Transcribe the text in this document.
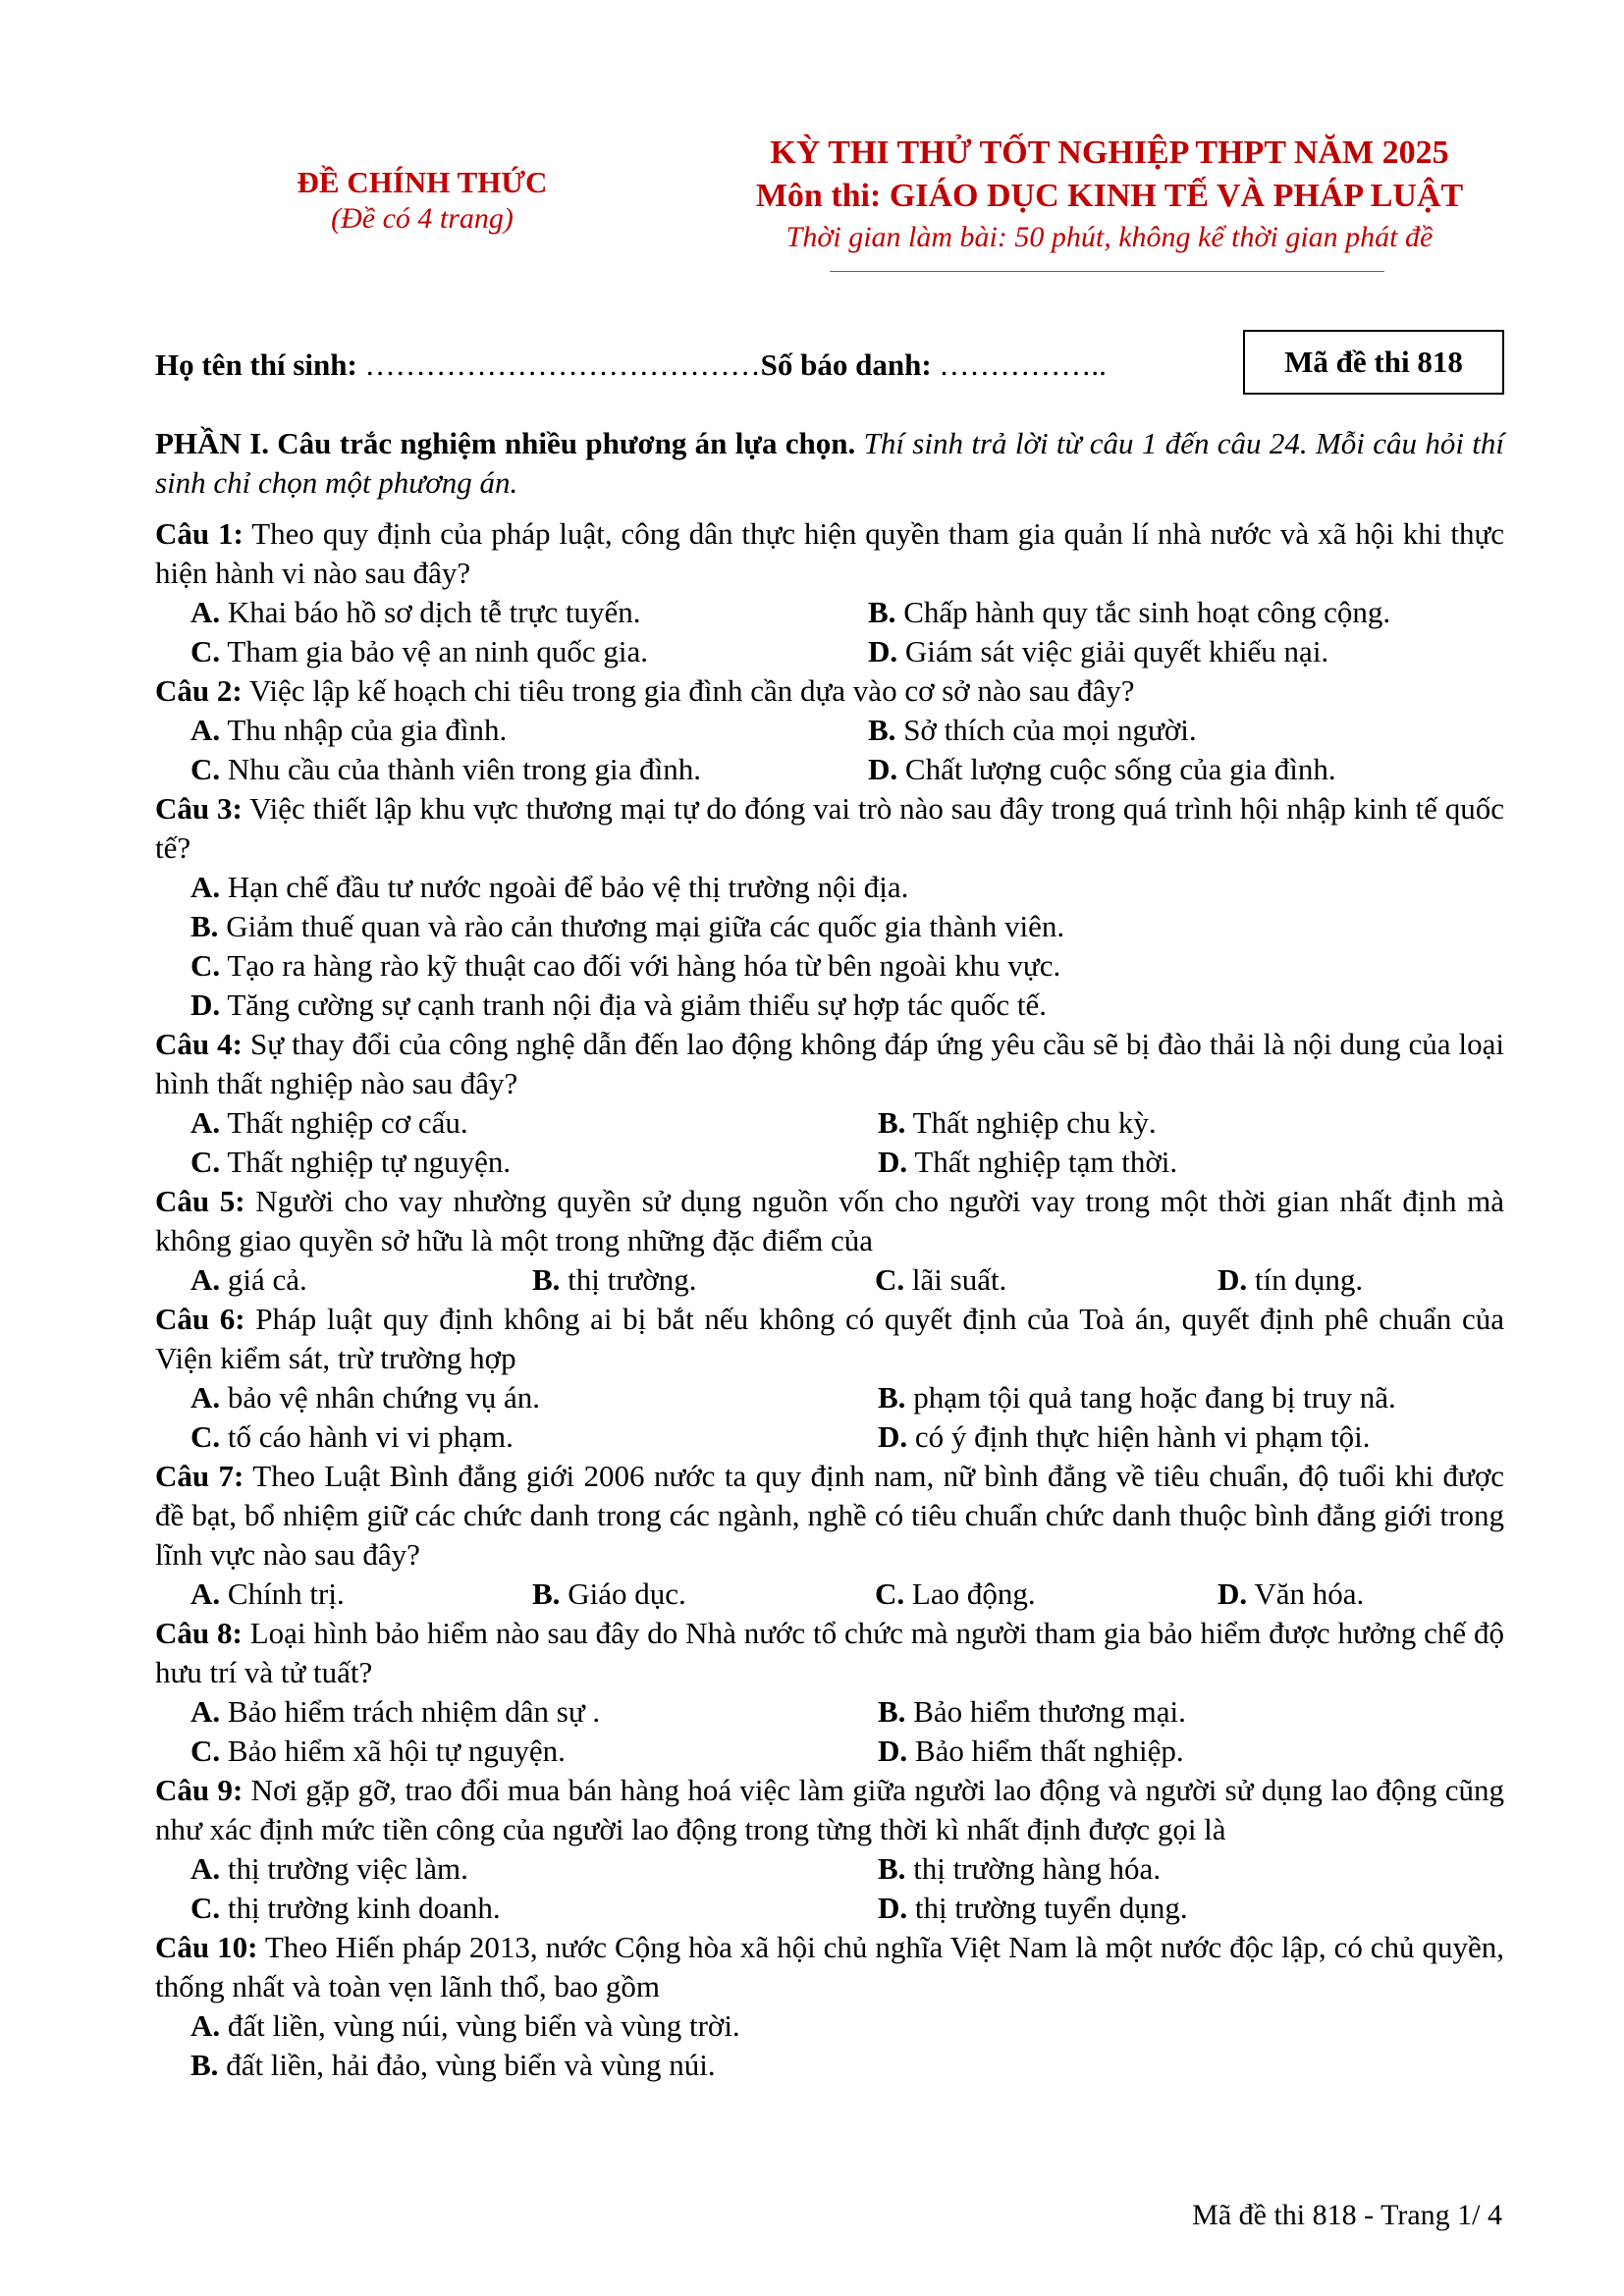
ĐỀ CHÍNH THỨC
(Đề có 4 trang)
KỲ THI THỬ TỐT NGHIỆP THPT NĂM 2025
Môn thi: GIÁO DỤC KINH TẾ VÀ PHÁP LUẬT
Thời gian làm bài: 50 phút, không kể thời gian phát đề
Họ tên thí sinh: …………………………………Số báo danh: ……………..	Mã đề thi 818

PHẦN I. Câu trắc nghiệm nhiều phương án lựa chọn. Thí sinh trả lời từ câu 1 đến câu 24. Mỗi câu hỏi thí sinh chỉ chọn một phương án.

Câu 1: Theo quy định của pháp luật, công dân thực hiện quyền tham gia quản lí nhà nước và xã hội khi thực hiện hành vi nào sau đây?

A. Khai báo hồ sơ dịch tễ trực tuyến.	B. Chấp hành quy tắc sinh hoạt công cộng.
C. Tham gia bảo vệ an ninh quốc gia.	D. Giám sát việc giải quyết khiếu nại.

Câu 2: Việc lập kế hoạch chi tiêu trong gia đình cần dựa vào cơ sở nào sau đây?

A. Thu nhập của gia đình.	B. Sở thích của mọi người.
C. Nhu cầu của thành viên trong gia đình.	D. Chất lượng cuộc sống của gia đình.

Câu 3: Việc thiết lập khu vực thương mại tự do đóng vai trò nào sau đây trong quá trình hội nhập kinh tế quốc tế?

A. Hạn chế đầu tư nước ngoài để bảo vệ thị trường nội địa.
B. Giảm thuế quan và rào cản thương mại giữa các quốc gia thành viên.
C. Tạo ra hàng rào kỹ thuật cao đối với hàng hóa từ bên ngoài khu vực.
D. Tăng cường sự cạnh tranh nội địa và giảm thiểu sự hợp tác quốc tế.

Câu 4: Sự thay đổi của công nghệ dẫn đến lao động không đáp ứng yêu cầu sẽ bị đào thải là nội dung của loại hình thất nghiệp nào sau đây?

A. Thất nghiệp cơ cấu.	B. Thất nghiệp chu kỳ.
C. Thất nghiệp tự nguyện.	D. Thất nghiệp tạm thời.

Câu 5: Người cho vay nhường quyền sử dụng nguồn vốn cho người vay trong một thời gian nhất định mà không giao quyền sở hữu là một trong những đặc điểm của

A. giá cả.	B. thị trường.	C. lãi suất.	D. tín dụng.

Câu 6: Pháp luật quy định không ai bị bắt nếu không có quyết định của Toà án, quyết định phê chuẩn của Viện kiểm sát, trừ trường hợp

A. bảo vệ nhân chứng vụ án.	B. phạm tội quả tang hoặc đang bị truy nã.
C. tố cáo hành vi vi phạm.	D. có ý định thực hiện hành vi phạm tội.

Câu 7: Theo Luật Bình đẳng giới 2006 nước ta quy định nam, nữ bình đẳng về tiêu chuẩn, độ tuổi khi được đề bạt, bổ nhiệm giữ các chức danh trong các ngành, nghề có tiêu chuẩn chức danh thuộc bình đẳng giới trong lĩnh vực nào sau đây?

A. Chính trị.	B. Giáo dục.	C. Lao động.	D. Văn hóa.

Câu 8: Loại hình bảo hiểm nào sau đây do Nhà nước tổ chức mà người tham gia bảo hiểm được hưởng chế độ hưu trí và tử tuất?

A. Bảo hiểm trách nhiệm dân sự .	B. Bảo hiểm thương mại.
C. Bảo hiểm xã hội tự nguyện.	D. Bảo hiểm thất nghiệp.

Câu 9: Nơi gặp gỡ, trao đổi mua bán hàng hoá việc làm giữa người lao động và người sử dụng lao động cũng như xác định mức tiền công của người lao động trong từng thời kì nhất định được gọi là

A. thị trường việc làm.	B. thị trường hàng hóa.
C. thị trường kinh doanh.	D. thị trường tuyển dụng.

Câu 10: Theo Hiến pháp 2013, nước Cộng hòa xã hội chủ nghĩa Việt Nam là một nước độc lập, có chủ quyền, thống nhất và toàn vẹn lãnh thổ, bao gồm

A. đất liền, vùng núi, vùng biển và vùng trời.
B. đất liền, hải đảo, vùng biển và vùng núi.
Mã đề thi 818 - Trang 1/ 4
